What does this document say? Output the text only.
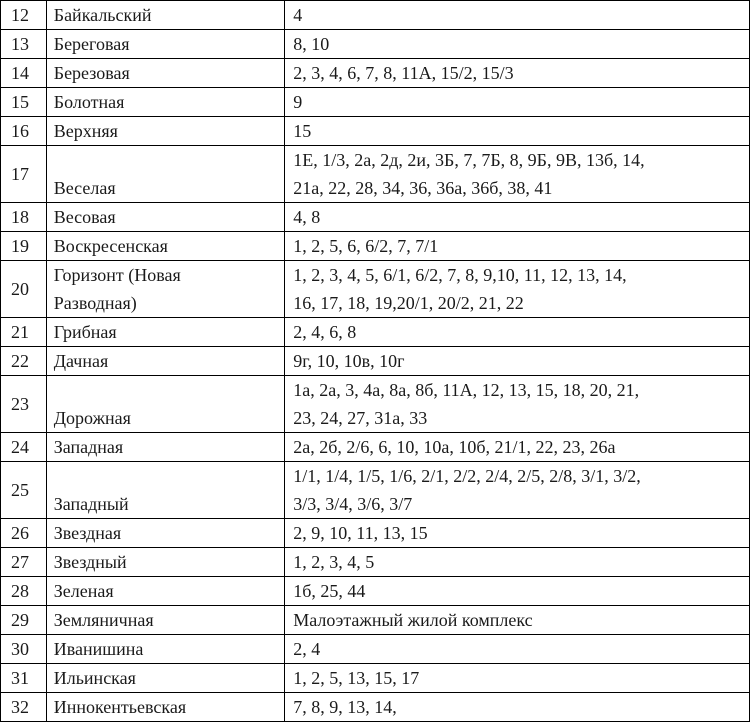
12	Байкальский	4
13	Береговая	8, 10
14	Березовая	2, 3, 4, 6, 7, 8, 11А, 15/2, 15/3
15	Болотная	9
16	Верхняя	15
17	Веселая	1Е, 1/3, 2а, 2д, 2и, 3Б, 7, 7Б, 8, 9Б, 9В, 13б, 14,
21а, 22, 28, 34, 36, 36а, 36б, 38, 41
18	Весовая	4, 8
19	Воскресенская	1, 2, 5, 6, 6/2, 7, 7/1
20	Горизонт (Новая
Разводная)	1, 2, 3, 4, 5, 6/1, 6/2, 7, 8, 9,10, 11, 12, 13, 14,
16, 17, 18, 19,20/1, 20/2, 21, 22
21	Грибная	2, 4, 6, 8
22	Дачная	9г, 10, 10в, 10г
23	Дорожная	1а, 2а, 3, 4а, 8а, 8б, 11А, 12, 13, 15, 18, 20, 21,
23, 24, 27, 31а, 33
24	Западная	2а, 2б, 2/6, 6, 10, 10а, 10б, 21/1, 22, 23, 26а
25	Западный	1/1, 1/4, 1/5, 1/6, 2/1, 2/2, 2/4, 2/5, 2/8, 3/1, 3/2,
3/3, 3/4, 3/6, 3/7
26	Звездная	2, 9, 10, 11, 13, 15
27	Звездный	1, 2, 3, 4, 5
28	Зеленая	1б, 25, 44
29	Земляничная	Малоэтажный жилой комплекс
30	Иванишина	2, 4
31	Ильинская	1, 2, 5, 13, 15, 17
32	Иннокентьевская	7, 8, 9, 13, 14,
